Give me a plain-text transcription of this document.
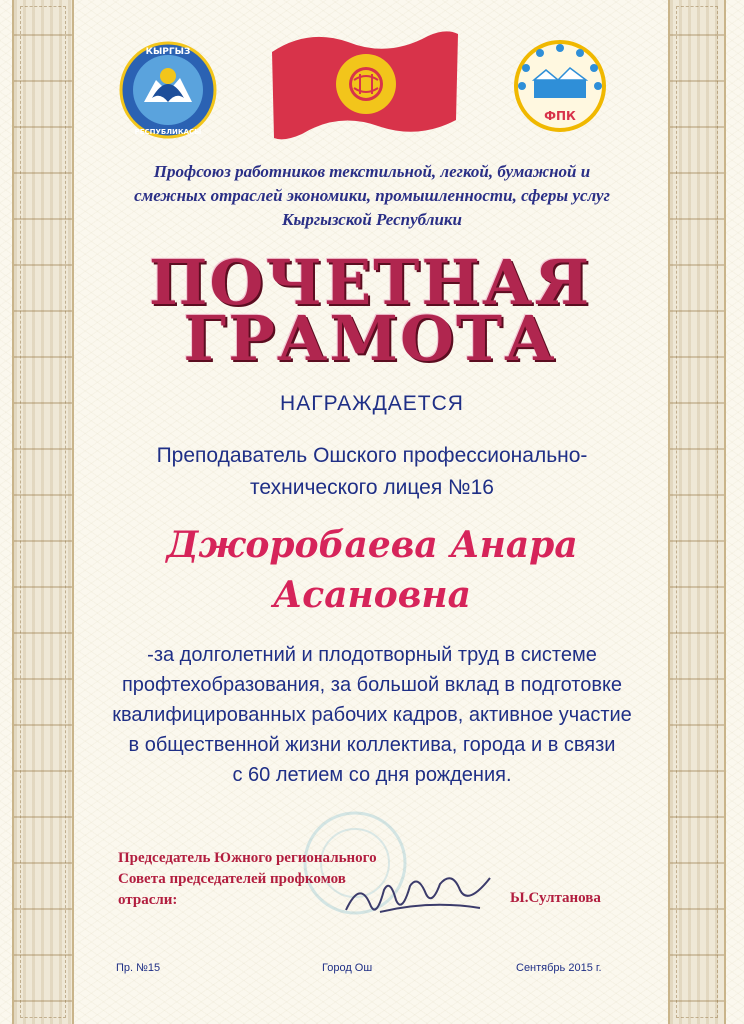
КЫРГЫЗ
РЕСПУБЛИКАСЫ
ФПК
Профсоюз работников текстильной, легкой, бумажной и
смежных отраслей экономики, промышленности, сферы услуг
Кыргызской Республики
ПОЧЕТНАЯ
ГРАМОТА
НАГРАЖДАЕТСЯ
Преподаватель Ошского профессионально-
технического лицея №16
Джоробаева Анара
Асановна
-за долголетний и плодотворный труд в системе
профтехобразования, за большой вклад в подготовке
квалифицированных рабочих кадров, активное участие
в общественной жизни коллектива, города и в связи
с 60 летием со дня рождения.
Председатель Южного регионального
Совета председателей профкомов
отрасли:	Ы.Султанова
Пр. №15	Город Ош	Сентябрь 2015 г.
